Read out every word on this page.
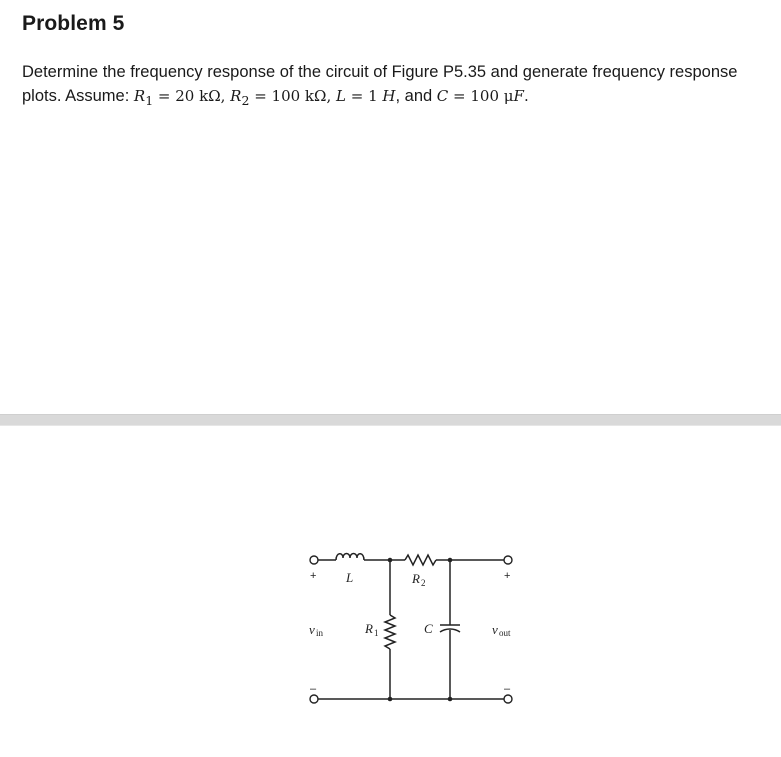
Problem 5

Determine the frequency response of the circuit of Figure P5.35 and generate frequency response plots. Assume: $R_1 = 20$ kΩ, $R_2 = 100$ kΩ, L = 1 H, and C = 100 μF.

+	+
–	–
L	R 2
R 1	C
v in	v out
